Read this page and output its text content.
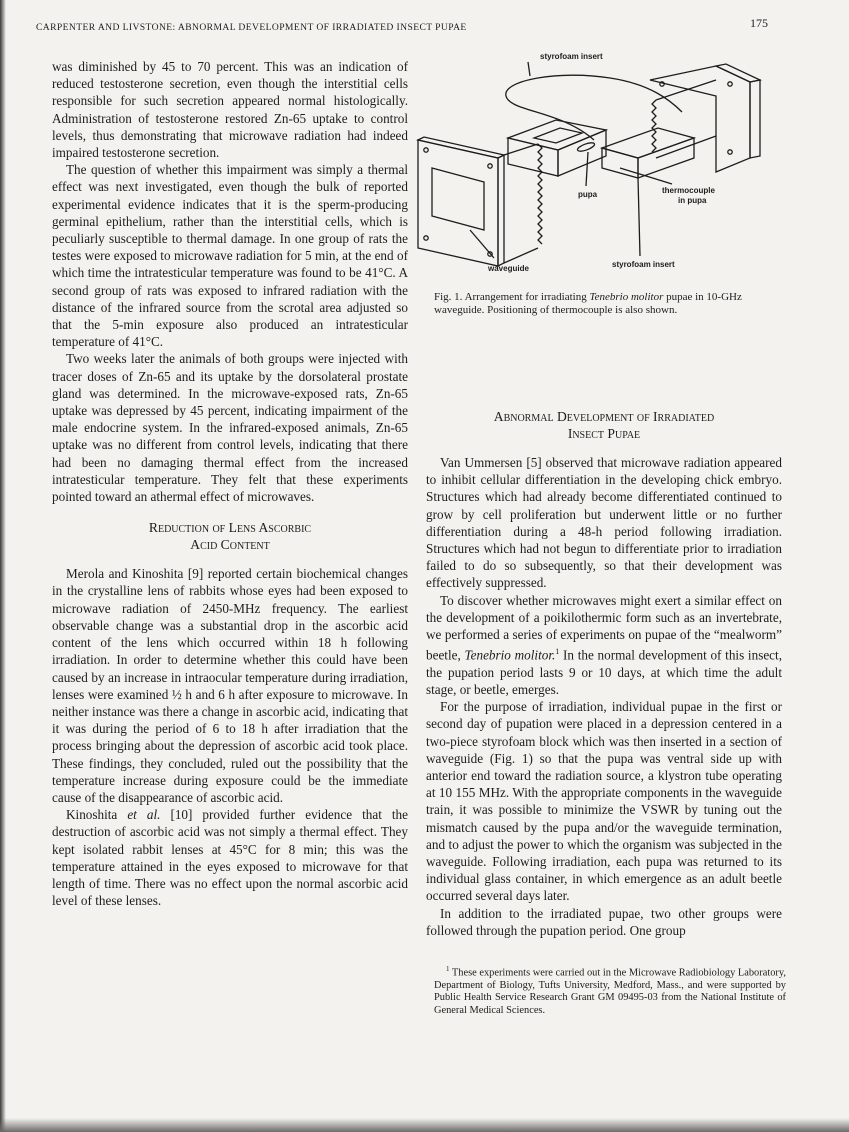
CARPENTER AND LIVSTONE: ABNORMAL DEVELOPMENT OF IRRADIATED INSECT PUPAE	175

was diminished by 45 to 70 percent. This was an indication of reduced testosterone secretion, even though the interstitial cells responsible for such secretion appeared normal histologically. Administration of testosterone restored Zn-65 uptake to control levels, thus demonstrating that microwave radiation had indeed impaired testosterone secretion.

The question of whether this impairment was simply a thermal effect was next investigated, even though the bulk of reported experimental evidence indicates that it is the sperm-producing germinal epithelium, rather than the interstitial cells, which is peculiarly susceptible to thermal damage. In one group of rats the testes were exposed to microwave radiation for 5 min, at the end of which time the intratesticular temperature was found to be 41°C. A second group of rats was exposed to infrared radiation with the distance of the infrared source from the scrotal area adjusted so that the 5-min exposure also produced an intratesticular temperature of 41°C.

Two weeks later the animals of both groups were injected with tracer doses of Zn-65 and its uptake by the dorsolateral prostate gland was determined. In the microwave-exposed rats, Zn-65 uptake was depressed by 45 percent, indicating impairment of the male endocrine system. In the infrared-exposed animals, Zn-65 uptake was no different from control levels, indicating that there had been no damaging thermal effect from the increased intratesticular temperature. They felt that these experiments pointed toward an athermal effect of microwaves.

Reduction of Lens Ascorbic
Acid Content

Merola and Kinoshita [9] reported certain biochemical changes in the crystalline lens of rabbits whose eyes had been exposed to microwave radiation of 2450-MHz frequency. The earliest observable change was a substantial drop in the ascorbic acid content of the lens which occurred within 18 h following irradiation. In order to determine whether this could have been caused by an increase in intraocular temperature during irradiation, lenses were examined ½ h and 6 h after exposure to microwave. In neither instance was there a change in ascorbic acid, indicating that it was during the period of 6 to 18 h after irradiation that the process bringing about the depression of ascorbic acid took place. These findings, they concluded, ruled out the possibility that the temperature increase during exposure could be the immediate cause of the disappearance of ascorbic acid.

Kinoshita et al. [10] provided further evidence that the destruction of ascorbic acid was not simply a thermal effect. They kept isolated rabbit lenses at 45°C for 8 min; this was the temperature attained in the eyes exposed to microwave for that length of time. There was no effect upon the normal ascorbic acid level of these lenses.

styrofoam insert
pupa	thermocouple
in pupa
waveguide	styrofoam insert
Fig. 1. Arrangement for irradiating Tenebrio molitor pupae in 10-GHz waveguide. Positioning of thermocouple is also shown.
Abnormal Development of Irradiated
Insect Pupae

Van Ummersen [5] observed that microwave radiation appeared to inhibit cellular differentiation in the developing chick embryo. Structures which had already become differentiated continued to grow by cell proliferation but underwent little or no further differentiation during a 48-h period following irradiation. Structures which had not begun to differentiate prior to irradiation failed to do so subsequently, so that their development was effectively suppressed.

To discover whether microwaves might exert a similar effect on the development of a poikilothermic form such as an invertebrate, we performed a series of experiments on pupae of the “mealworm” beetle, Tenebrio molitor.$^1$ In the normal development of this insect, the pupation period lasts 9 or 10 days, at which time the adult stage, or beetle, emerges.

For the purpose of irradiation, individual pupae in the first or second day of pupation were placed in a depression centered in a two-piece styrofoam block which was then inserted in a section of waveguide (Fig. 1) so that the pupa was ventral side up with anterior end toward the radiation source, a klystron tube operating at 10 155 MHz. With the appropriate components in the waveguide train, it was possible to minimize the VSWR by tuning out the mismatch caused by the pupa and/or the waveguide termination, and to adjust the power to which the organism was subjected in the waveguide. Following irradiation, each pupa was returned to its individual glass container, in which emergence as an adult beetle occurred several days later.

In addition to the irradiated pupae, two other groups were followed through the pupation period. One group

$^1$ These experiments were carried out in the Microwave Radiobiology Laboratory, Department of Biology, Tufts University, Medford, Mass., and were supported by Public Health Service Research Grant GM 09495-03 from the National Institute of General Medical Sciences.
